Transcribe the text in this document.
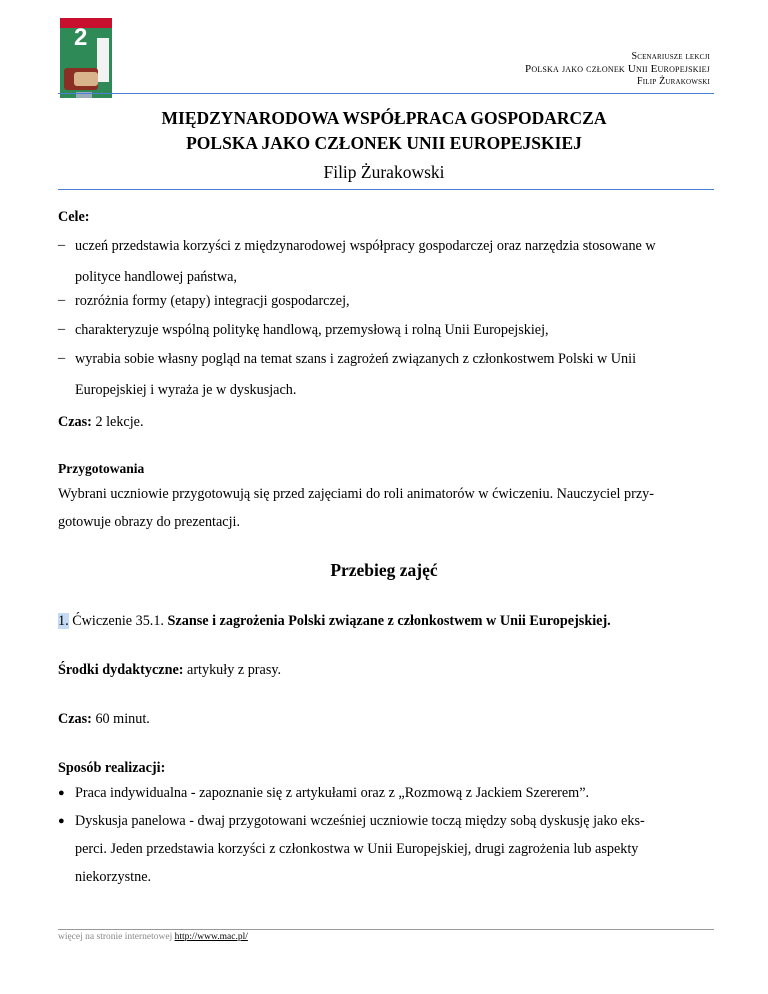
2
Scenariusze lekcji
Polska jako członek Unii Europejskiej
Filip Żurakowski
MIĘDZYNARODOWA WSPÓŁPRACA GOSPODARCZA
POLSKA JAKO CZŁONEK UNII EUROPEJSKIEJ
Filip Żurakowski
Cele:
– uczeń przedstawia korzyści z międzynarodowej współpracy gospodarczej oraz narzędzia stosowane w
polityce handlowej państwa,
– rozróżnia formy (etapy) integracji gospodarczej,
– charakteryzuje wspólną politykę handlową, przemysłową i rolną Unii Europejskiej,
– wyrabia sobie własny pogląd na temat szans i zagrożeń związanych z członkostwem Polski w Unii
Europejskiej i wyraża je w dyskusjach.
Czas: 2 lekcje.
Przygotowania
Wybrani uczniowie przygotowują się przed zajęciami do roli animatorów w ćwiczeniu. Nauczyciel przy-
gotowuje obrazy do prezentacji.
Przebieg zajęć
1. Ćwiczenie 35.1. Szanse i zagrożenia Polski związane z członkostwem w Unii Europejskiej.
Środki dydaktyczne: artykuły z prasy.
Czas: 60 minut.
Sposób realizacji:
● Praca indywidualna - zapoznanie się z artykułami oraz z „Rozmową z Jackiem Szererem”.
● Dyskusja panelowa - dwaj przygotowani wcześniej uczniowie toczą między sobą dyskusję jako eks-
perci. Jeden przedstawia korzyści z członkostwa w Unii Europejskiej, drugi zagrożenia lub aspekty
niekorzystne.
więcej na stronie internetowej http://www.mac.pl/
